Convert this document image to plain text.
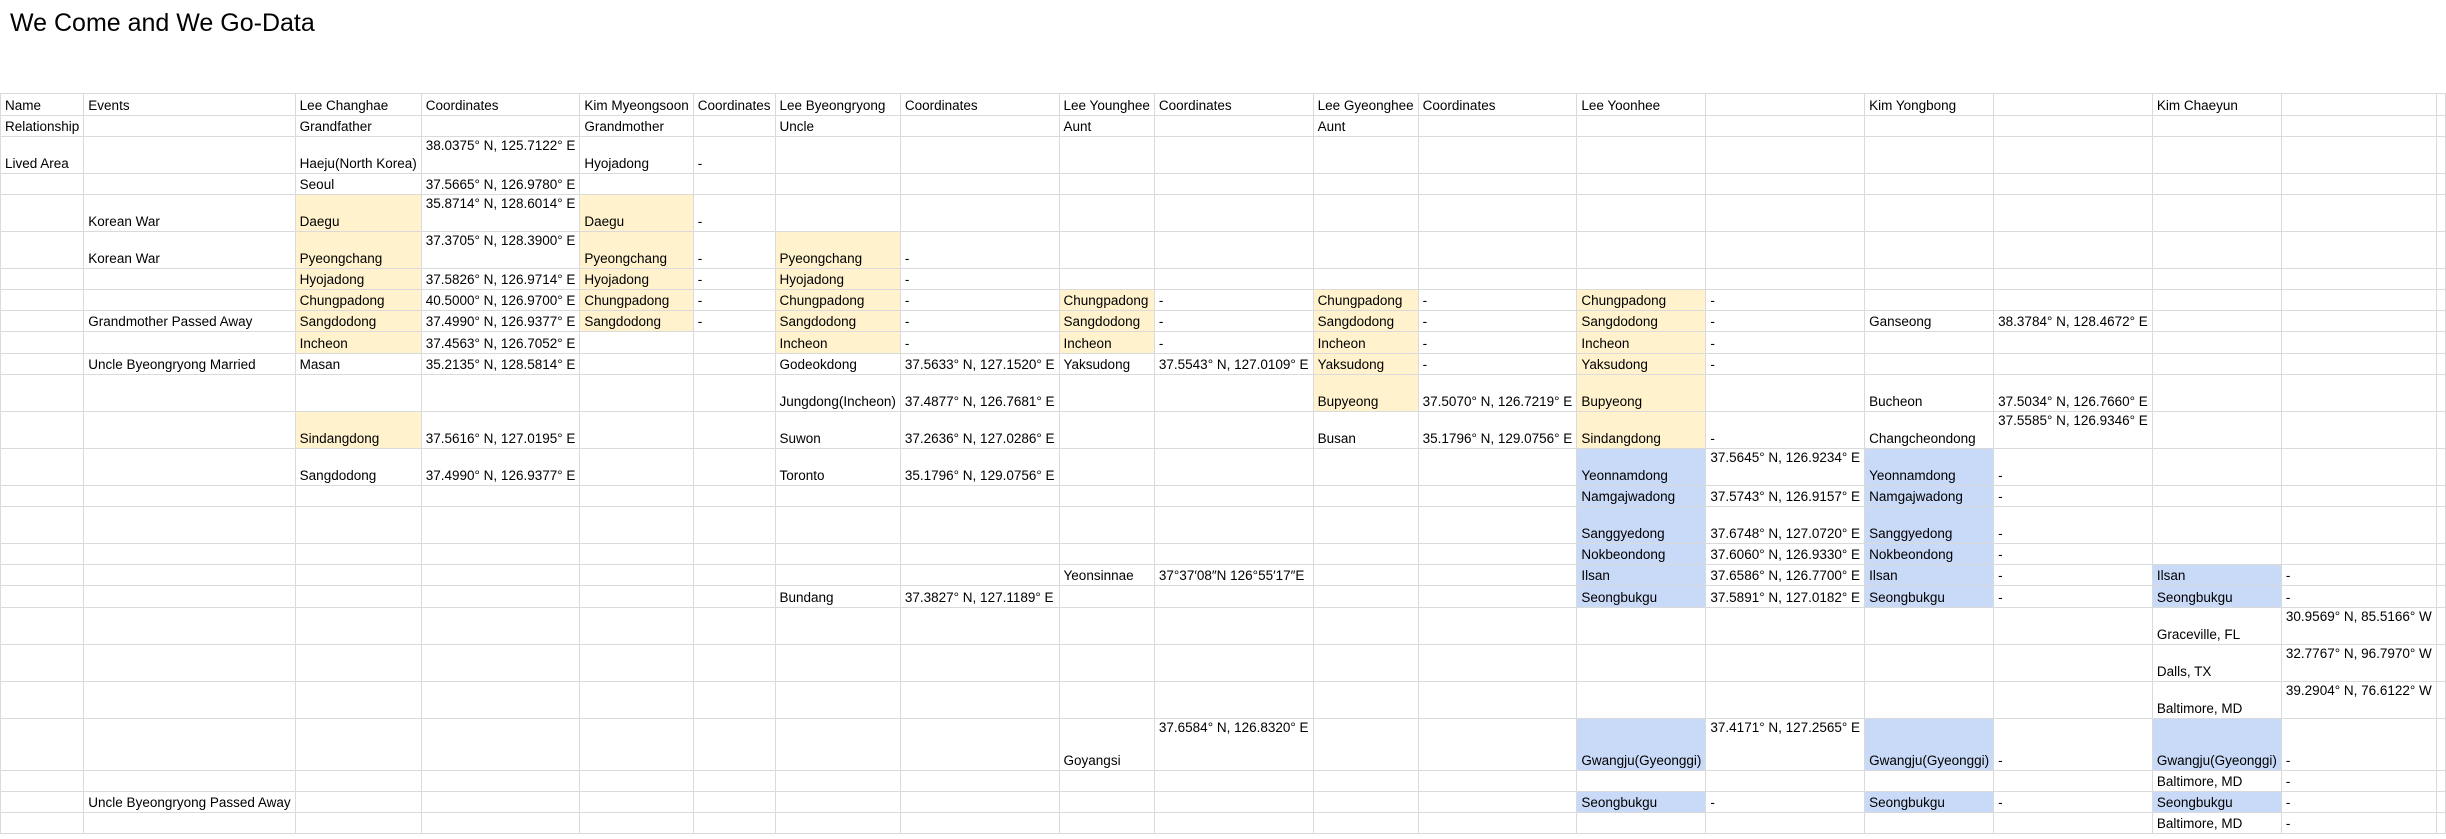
We Come and We Go-Data
Name	Events	Lee Changhae	Coordinates	Kim Myeongsoon	Coordinates	Lee Byeongryong	Coordinates	Lee Younghee	Coordinates	Lee Gyeonghee	Coordinates	Lee Yoonhee		Kim Yongbong		Kim Chaeyun		
Relationship		Grandfather		Grandmother		Uncle		Aunt		Aunt								
Lived Area		Haeju(North Korea)	38.0375° N, 125.7122° E	Hyojadong	-													
		Seoul	37.5665° N, 126.9780° E															
	Korean War	Daegu	35.8714° N, 128.6014° E	Daegu	-													
	Korean War	Pyeongchang	37.3705° N, 128.3900° E	Pyeongchang	-	Pyeongchang	-											
		Hyojadong	37.5826° N, 126.9714° E	Hyojadong	-	Hyojadong	-											
		Chungpadong	40.5000° N, 126.9700° E	Chungpadong	-	Chungpadong	-	Chungpadong	-	Chungpadong	-	Chungpadong	-					
	Grandmother Passed Away	Sangdodong	37.4990° N, 126.9377° E	Sangdodong	-	Sangdodong	-	Sangdodong	-	Sangdodong	-	Sangdodong	-	Ganseong	38.3784° N, 128.4672° E			
		Incheon	37.4563° N, 126.7052° E			Incheon	-	Incheon	-	Incheon	-	Incheon	-					
	Uncle Byeongryong Married	Masan	35.2135° N, 128.5814° E			Godeokdong	37.5633° N, 127.1520° E	Yaksudong	37.5543° N, 127.0109° E	Yaksudong	-	Yaksudong	-					
						Jungdong(Incheon)	37.4877° N, 126.7681° E			Bupyeong	37.5070° N, 126.7219° E	Bupyeong		Bucheon	37.5034° N, 126.7660° E			
		Sindangdong	37.5616° N, 127.0195° E			Suwon	37.2636° N, 127.0286° E			Busan	35.1796° N, 129.0756° E	Sindangdong	-	Changcheondong	37.5585° N, 126.9346° E			
		Sangdodong	37.4990° N, 126.9377° E			Toronto	35.1796° N, 129.0756° E					Yeonnamdong	37.5645° N, 126.9234° E	Yeonnamdong	-			
												Namgajwadong	37.5743° N, 126.9157° E	Namgajwadong	-			
												Sanggyedong	37.6748° N, 127.0720° E	Sanggyedong	-			
												Nokbeondong	37.6060° N, 126.9330° E	Nokbeondong	-			
								Yeonsinnae	37°37′08″N 126°55′17″E			Ilsan	37.6586° N, 126.7700° E	Ilsan	-	Ilsan	-	
						Bundang	37.3827° N, 127.1189° E					Seongbukgu	37.5891° N, 127.0182° E	Seongbukgu	-	Seongbukgu	-	
																Graceville, FL	30.9569° N, 85.5166° W	
																Dalls, TX	32.7767° N, 96.7970° W	
																Baltimore, MD	39.2904° N, 76.6122° W	
								Goyangsi	37.6584° N, 126.8320° E			Gwangju(Gyeonggi)	37.4171° N, 127.2565° E	Gwangju(Gyeonggi)	-	Gwangju(Gyeonggi)	-	
																Baltimore, MD	-	
	Uncle Byeongryong Passed Away											Seongbukgu	-	Seongbukgu	-	Seongbukgu	-	
																Baltimore, MD	-	
